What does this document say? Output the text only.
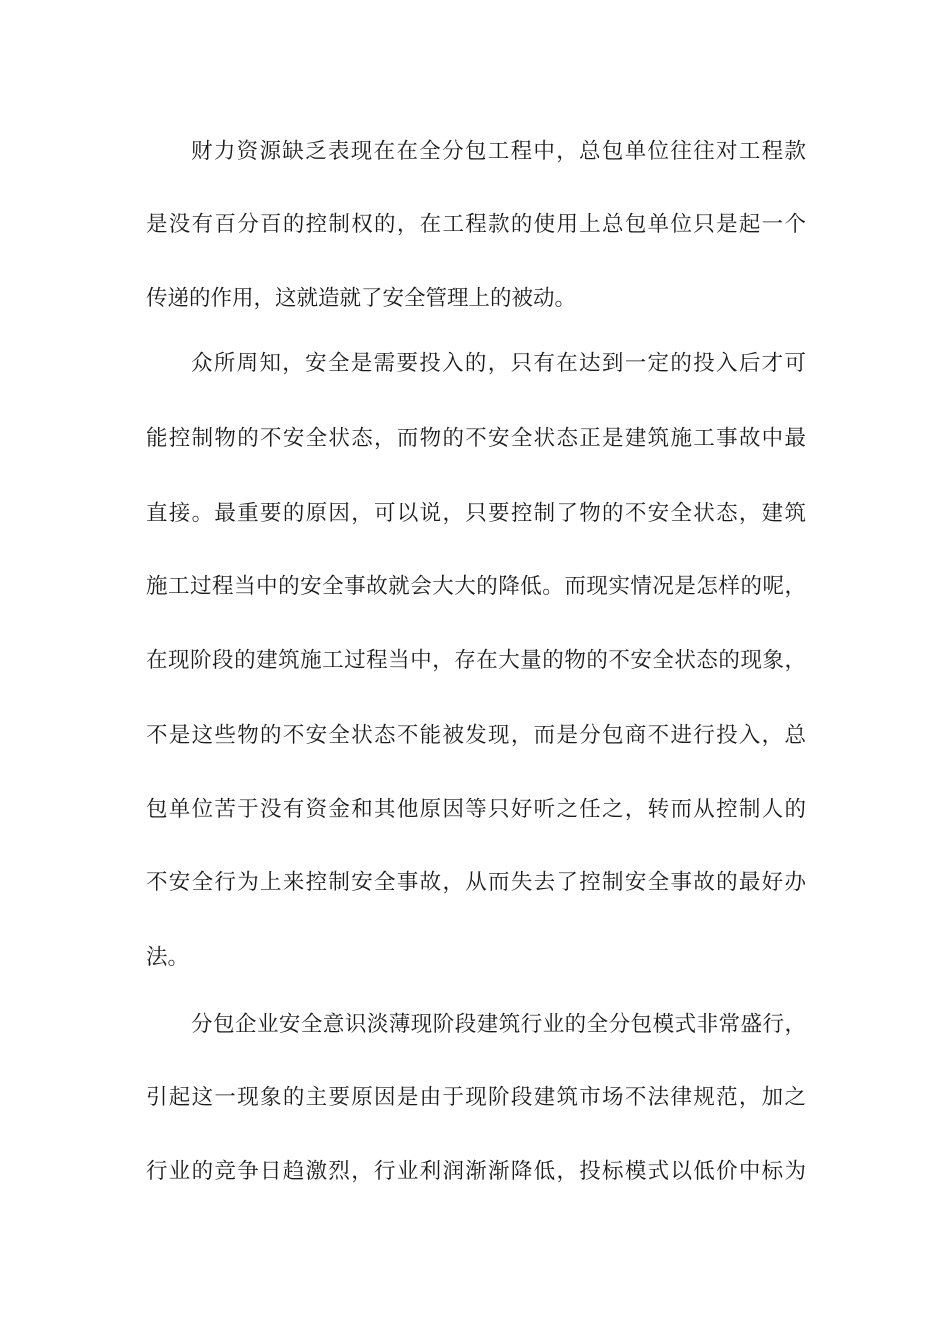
财力资源缺乏表现在在全分包工程中，总包单位往往对工程款
是没有百分百的控制权的，在工程款的使用上总包单位只是起一个
传递的作用，这就造就了安全管理上的被动。
众所周知，安全是需要投入的，只有在达到一定的投入后才可
能控制物的不安全状态，而物的不安全状态正是建筑施工事故中最
直接。最重要的原因，可以说，只要控制了物的不安全状态，建筑
施工过程当中的安全事故就会大大的降低。而现实情况是怎样的呢，
在现阶段的建筑施工过程当中，存在大量的物的不安全状态的现象，
不是这些物的不安全状态不能被发现，而是分包商不进行投入，总
包单位苦于没有资金和其他原因等只好听之任之，转而从控制人的
不安全行为上来控制安全事故，从而失去了控制安全事故的最好办
法。
分包企业安全意识淡薄现阶段建筑行业的全分包模式非常盛行，
引起这一现象的主要原因是由于现阶段建筑市场不法律规范，加之
行业的竞争日趋激烈，行业利润渐渐降低，投标模式以低价中标为
